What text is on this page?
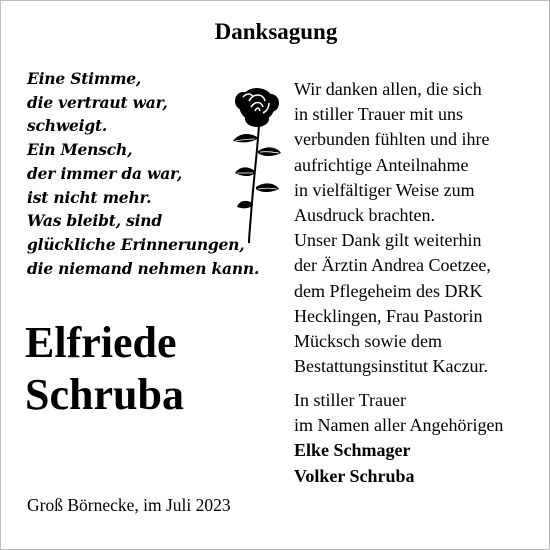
Danksagung
Eine Stimme,
die vertraut war,
schweigt.
Ein Mensch,
der immer da war,
ist nicht mehr.
Was bleibt, sind
glückliche Erinnerungen,
die niemand nehmen kann.
Wir danken allen, die sich
in stiller Trauer mit uns
verbunden fühlten und ihre
aufrichtige Anteilnahme
in vielfältiger Weise zum
Ausdruck brachten.
Unser Dank gilt weiterhin
der Ärztin Andrea Coetzee,
dem Pflegeheim des DRK
Hecklingen, Frau Pastorin
Mücksch sowie dem
Bestattungsinstitut Kaczur.
Elfriede
Schruba
Groß Börnecke, im Juli 2023
In stiller Trauer
im Namen aller Angehörigen
Elke Schmager
Volker Schruba
